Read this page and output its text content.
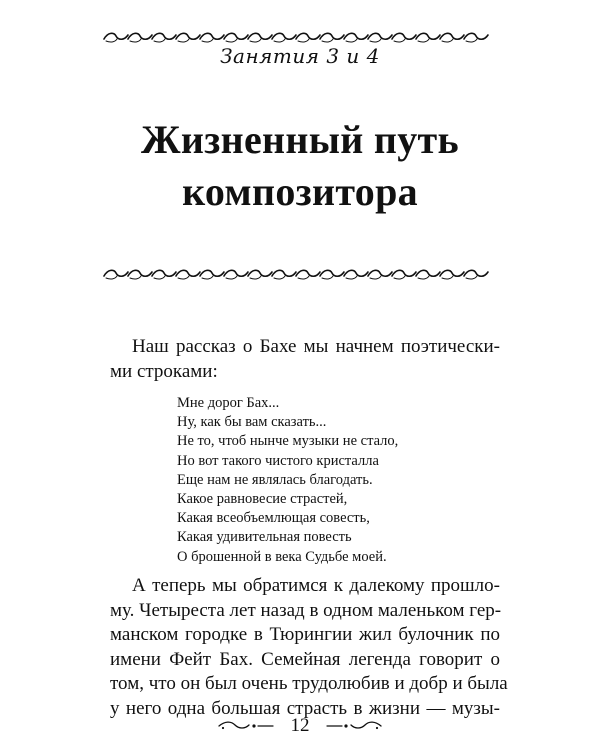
Занятия 3 и 4
Жизненный путь
композитора
Наш рассказ о Бахе мы начнем поэтически-
ми строками:
Мне дорог Бах...
Ну, как бы вам сказать...
Не то, чтоб нынче музыки не стало,
Но вот такого чистого кристалла
Еще нам не являлась благодать.
Какое равновесие страстей,
Какая всеобъемлющая совесть,
Какая удивительная повесть
О брошенной в века Судьбе моей.
А теперь мы обратимся к далекому прошло-
му. Четыреста лет назад в одном маленьком гер-
манском городке в Тюрингии жил булочник по
имени Фейт Бах. Семейная легенда говорит о
том, что он был очень трудолюбив и добр и была
у него одна большая страсть в жизни — музы-
12
